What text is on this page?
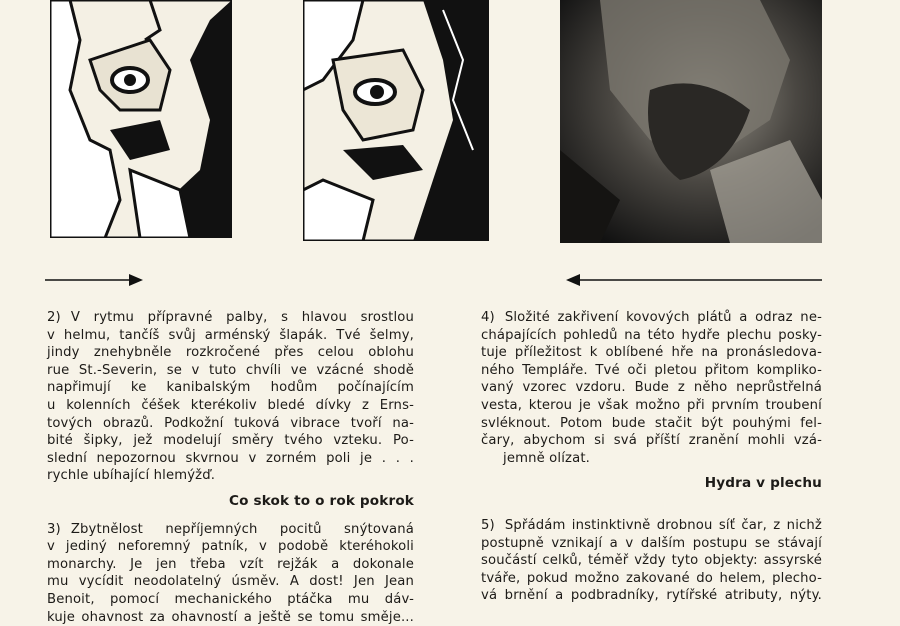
2) V rytmu přípravné palby, s hlavou srostlou
v helmu, tančíš svůj arménský šlapák. Tvé šelmy,
jindy znehybněle rozkročené přes celou oblohu
rue St.-Severin, se v tuto chvíli ve vzácné shodě
napřimují ke kanibalským hodům počínajícím
u kolenních čéšek kterékoliv bledé dívky z Erns-
tových obrazů. Podkožní tuková vibrace tvoří na-
bité šipky, jež modelují směry tvého vzteku. Po-
slední nepozornou skvrnou v zorném poli je . . .
rychle ubíhající hlemýžď.
Co skok to o rok pokrok
3) Zbytnělost nepříjemných pocitů snýtovaná
v jediný neforemný patník, v podobě kteréhokoli
monarchy. Je jen třeba vzít rejžák a dokonale
mu vycídit neodolatelný úsměv. A dost! Jen Jean
Benoit, pomocí mechanického ptáčka mu dáv-
kuje ohavnost za ohavností a ještě se tomu směje...
4) Složité zakřivení kovových plátů a odraz ne-
chápajících pohledů na této hydře plechu posky-
tuje příležitost k oblíbené hře na pronásledova-
ného Templáře. Tvé oči pletou přitom kompliko-
vaný vzorec vzdoru. Bude z něho neprůstřelná
vesta, kterou je však možno při prvním troubení
svléknout. Potom bude stačit být pouhými fel-
čary, abychom si svá příští zranění mohli vzá-
jemně olízat.
Hydra v plechu
5) Spřádám instinktivně drobnou síť čar, z nichž
postupně vznikají a v dalším postupu se stávají
součástí celků, téměř vždy tyto objekty: assyrské
tváře, pokud možno zakované do helem, plecho-
vá brnění a podbradníky, rytířské atributy, nýty.
